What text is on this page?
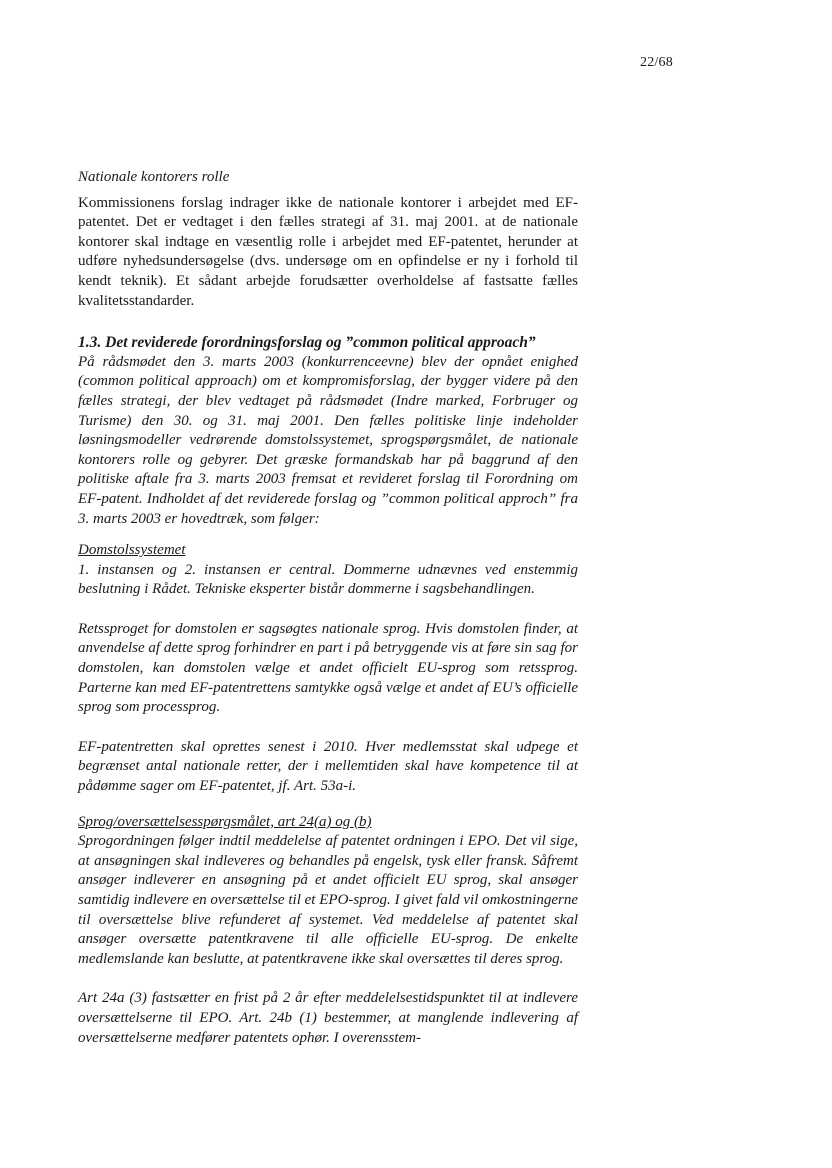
22/68

Nationale kontorers rolle

Kommissionens forslag indrager ikke de nationale kontorer i arbejdet med EF-patentet. Det er vedtaget i den fælles strategi af 31. maj 2001. at de nationale kontorer skal indtage en væsentlig rolle i arbejdet med EF-patentet, herunder at udføre nyhedsundersøgelse (dvs. undersøge om en opfindelse er ny i forhold til kendt teknik). Et sådant arbejde forudsætter overholdelse af fastsatte fælles kvalitetsstandarder.

1.3. Det reviderede forordningsforslag og ”common political approach”

På rådsmødet den 3. marts 2003 (konkurrenceevne) blev der opnået enighed (common political approach) om et kompromisforslag, der bygger videre på den fælles strategi, der blev vedtaget på rådsmødet (Indre marked, Forbruger og Turisme) den 30. og 31. maj 2001. Den fælles politiske linje indeholder løsningsmodeller vedrørende domstolssystemet, sprogspørgsmålet, de nationale kontorers rolle og gebyrer. Det græske formandskab har på baggrund af den politiske aftale fra 3. marts 2003 fremsat et revideret forslag til Forordning om EF-patent. Indholdet af det reviderede forslag og ”common political approch” fra 3. marts 2003 er hovedtræk, som følger:

Domstolssystemet

1. instansen og 2. instansen er central. Dommerne udnævnes ved enstemmig beslutning i Rådet. Tekniske eksperter bistår dommerne i sagsbehandlingen.

Retssproget for domstolen er sagsøgtes nationale sprog. Hvis domstolen finder, at anvendelse af dette sprog forhindrer en part i på betryggende vis at føre sin sag for domstolen, kan domstolen vælge et andet officielt EU-sprog som retssprog. Parterne kan med EF-patentrettens samtykke også vælge et andet af EU’s officielle sprog som processprog.

EF-patentretten skal oprettes senest i 2010. Hver medlemsstat skal udpege et begrænset antal nationale retter, der i mellemtiden skal have kompetence til at pådømme sager om EF-patentet, jf. Art. 53a-i.

Sprog/oversættelsesspørgsmålet, art 24(a) og (b)

Sprogordningen følger indtil meddelelse af patentet ordningen i EPO. Det vil sige, at ansøgningen skal indleveres og behandles på engelsk, tysk eller fransk. Såfremt ansøger indleverer en ansøgning på et andet officielt EU sprog, skal ansøger samtidig indlevere en oversættelse til et EPO-sprog. I givet fald vil omkostningerne til oversættelse blive refunderet af systemet. Ved meddelelse af patentet skal ansøger oversætte patentkravene til alle officielle EU-sprog. De enkelte medlemslande kan beslutte, at patentkravene ikke skal oversættes til deres sprog.

Art 24a (3) fastsætter en frist på 2 år efter meddelelsestidspunktet til at indlevere oversættelserne til EPO. Art. 24b (1) bestemmer, at manglende indlevering af oversættelserne medfører patentets ophør. I overensstem-
